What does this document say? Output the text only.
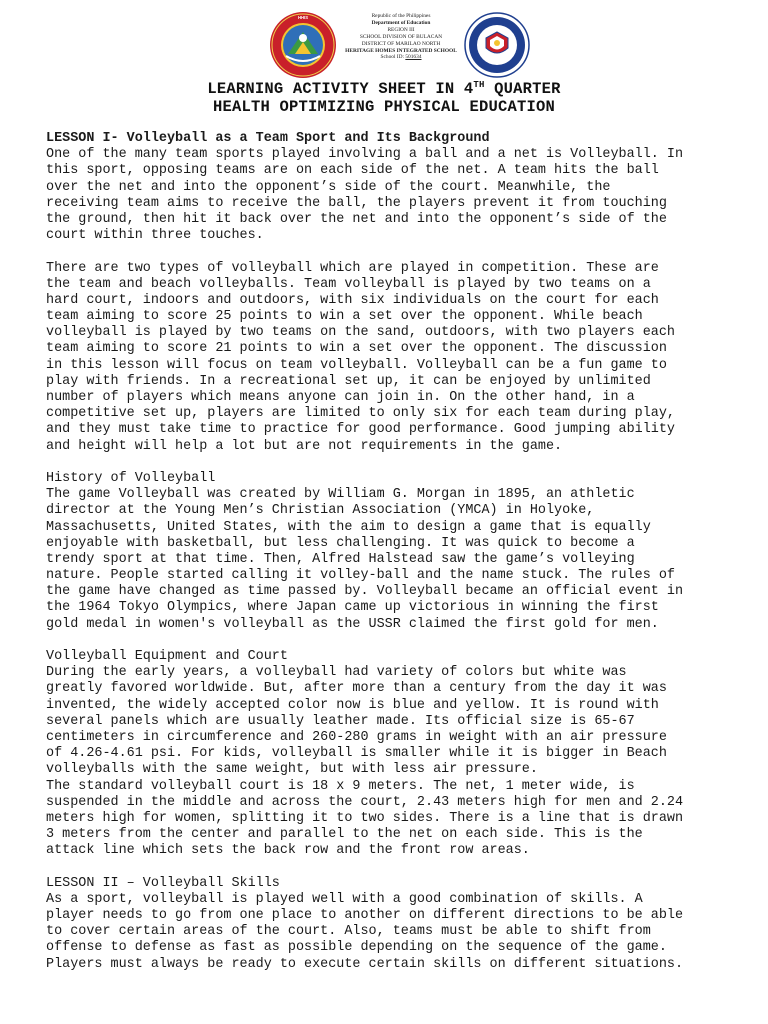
HHIS	Republic of the Philippines
Department of Education
REGION III
SCHOOL DIVISION OF BULACAN
DISTRICT OF MARILAO NORTH
HERITAGE HOMES INTEGRATED SCHOOL
School ID: 501634
LEARNING ACTIVITY SHEET IN 4TH QUARTER
HEALTH OPTIMIZING PHYSICAL EDUCATION
LESSON I- Volleyball as a Team Sport and Its Background
One of the many team sports played involving a ball and a net is Volleyball. In
this sport, opposing teams are on each side of the net. A team hits the ball
over the net and into the opponent’s side of the court. Meanwhile, the
receiving team aims to receive the ball, the players prevent it from touching
the ground, then hit it back over the net and into the opponent’s side of the
court within three touches.
There are two types of volleyball which are played in competition. These are
the team and beach volleyballs. Team volleyball is played by two teams on a
hard court, indoors and outdoors, with six individuals on the court for each
team aiming to score 25 points to win a set over the opponent. While beach
volleyball is played by two teams on the sand, outdoors, with two players each
team aiming to score 21 points to win a set over the opponent. The discussion
in this lesson will focus on team volleyball. Volleyball can be a fun game to
play with friends. In a recreational set up, it can be enjoyed by unlimited
number of players which means anyone can join in. On the other hand, in a
competitive set up, players are limited to only six for each team during play,
and they must take time to practice for good performance. Good jumping ability
and height will help a lot but are not requirements in the game.
History of Volleyball
The game Volleyball was created by William G. Morgan in 1895, an athletic
director at the Young Men’s Christian Association (YMCA) in Holyoke,
Massachusetts, United States, with the aim to design a game that is equally
enjoyable with basketball, but less challenging. It was quick to become a
trendy sport at that time. Then, Alfred Halstead saw the game’s volleying
nature. People started calling it volley-ball and the name stuck. The rules of
the game have changed as time passed by. Volleyball became an official event in
the 1964 Tokyo Olympics, where Japan came up victorious in winning the first
gold medal in women's volleyball as the USSR claimed the first gold for men.
Volleyball Equipment and Court
During the early years, a volleyball had variety of colors but white was
greatly favored worldwide. But, after more than a century from the day it was
invented, the widely accepted color now is blue and yellow. It is round with
several panels which are usually leather made. Its official size is 65-67
centimeters in circumference and 260-280 grams in weight with an air pressure
of 4.26-4.61 psi. For kids, volleyball is smaller while it is bigger in Beach
volleyballs with the same weight, but with less air pressure.
The standard volleyball court is 18 x 9 meters. The net, 1 meter wide, is
suspended in the middle and across the court, 2.43 meters high for men and 2.24
meters high for women, splitting it to two sides. There is a line that is drawn
3 meters from the center and parallel to the net on each side. This is the
attack line which sets the back row and the front row areas.
LESSON II – Volleyball Skills
As a sport, volleyball is played well with a good combination of skills. A
player needs to go from one place to another on different directions to be able
to cover certain areas of the court. Also, teams must be able to shift from
offense to defense as fast as possible depending on the sequence of the game.
Players must always be ready to execute certain skills on different situations.
